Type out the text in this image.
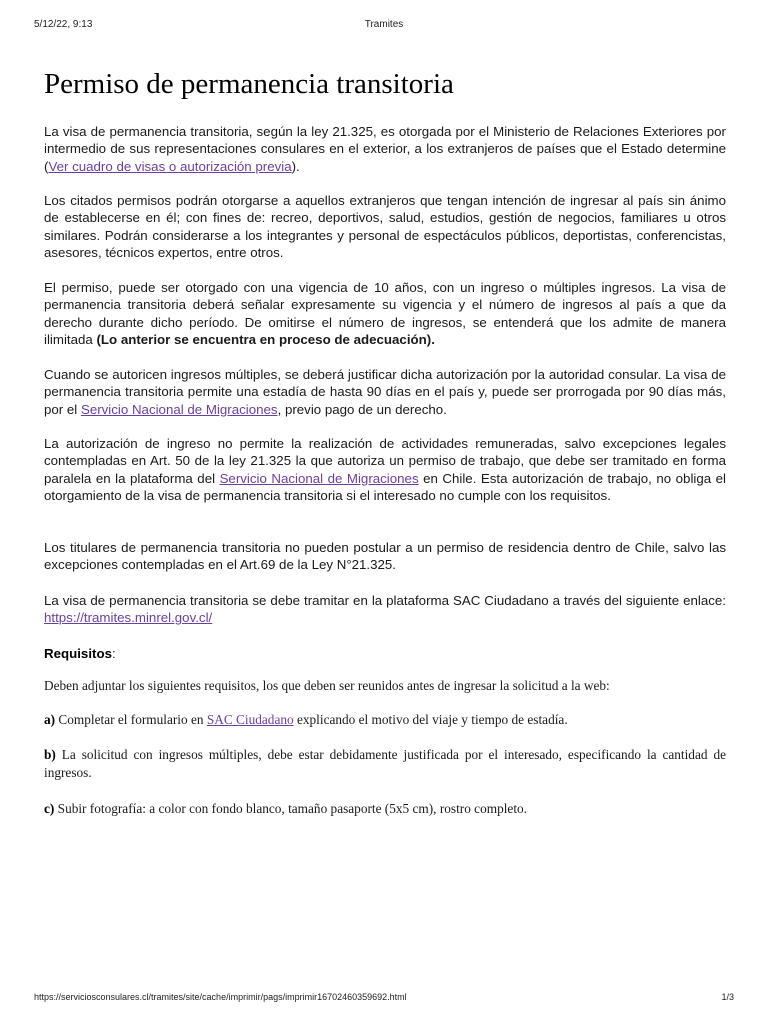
5/12/22, 9:13	Tramites
Permiso de permanencia transitoria

La visa de permanencia transitoria, según la ley 21.325, es otorgada por el Ministerio de Relaciones Exteriores por intermedio de sus representaciones consulares en el exterior, a los extranjeros de países que el Estado determine (Ver cuadro de visas o autorización previa).

Los citados permisos podrán otorgarse a aquellos extranjeros que tengan intención de ingresar al país sin ánimo de establecerse en él; con fines de: recreo, deportivos, salud, estudios, gestión de negocios, familiares u otros similares. Podrán considerarse a los integrantes y personal de espectáculos públicos, deportistas, conferencistas, asesores, técnicos expertos, entre otros.

El permiso, puede ser otorgado con una vigencia de 10 años, con un ingreso o múltiples ingresos. La visa de permanencia transitoria deberá señalar expresamente su vigencia y el número de ingresos al país a que da derecho durante dicho período. De omitirse el número de ingresos, se entenderá que los admite de manera ilimitada (Lo anterior se encuentra en proceso de adecuación).

Cuando se autoricen ingresos múltiples, se deberá justificar dicha autorización por la autoridad consular. La visa de permanencia transitoria permite una estadía de hasta 90 días en el país y, puede ser prorrogada por 90 días más, por el Servicio Nacional de Migraciones, previo pago de un derecho.

La autorización de ingreso no permite la realización de actividades remuneradas, salvo excepciones legales contempladas en Art. 50 de la ley 21.325 la que autoriza un permiso de trabajo, que debe ser tramitado en forma paralela en la plataforma del Servicio Nacional de Migraciones en Chile. Esta autorización de trabajo, no obliga el otorgamiento de la visa de permanencia transitoria si el interesado no cumple con los requisitos.

Los titulares de permanencia transitoria no pueden postular a un permiso de residencia dentro de Chile, salvo las excepciones contempladas en el Art.69 de la Ley N°21.325.

La visa de permanencia transitoria se debe tramitar en la plataforma SAC Ciudadano a través del siguiente enlace: https://tramites.minrel.gov.cl/

Requisitos:

Deben adjuntar los siguientes requisitos, los que deben ser reunidos antes de ingresar la solicitud a la web:

a) Completar el formulario en SAC Ciudadano explicando el motivo del viaje y tiempo de estadía.

b) La solicitud con ingresos múltiples, debe estar debidamente justificada por el interesado, especificando la cantidad de ingresos.

c) Subir fotografía: a color con fondo blanco, tamaño pasaporte (5x5 cm), rostro completo.

https://serviciosconsulares.cl/tramites/site/cache/imprimir/pags/imprimir16702460359692.html	1/3
